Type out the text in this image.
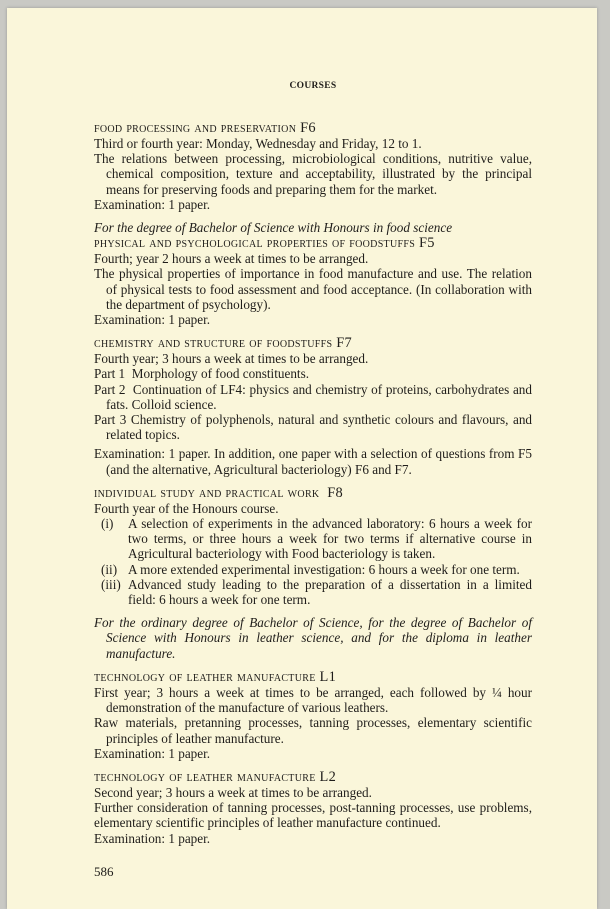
COURSES
food processing and preservation F6
Third or fourth year: Monday, Wednesday and Friday, 12 to 1.
The relations between processing, microbiological conditions, nutritive value, chemical composition, texture and acceptability, illustrated by the principal means for preserving foods and preparing them for the market.
Examination: 1 paper.
For the degree of Bachelor of Science with Honours in food science
physical and psychological properties of foodstuffs F5
Fourth; year 2 hours a week at times to be arranged.
The physical properties of importance in food manufacture and use. The relation of physical tests to food assessment and food acceptance. (In collaboration with the department of psychology).
Examination: 1 paper.
chemistry and structure of foodstuffs F7
Fourth year; 3 hours a week at times to be arranged.
Part 1 Morphology of food constituents.
Part 2 Continuation of LF4: physics and chemistry of proteins, carbohydrates and fats. Colloid science.
Part 3 Chemistry of polyphenols, natural and synthetic colours and flavours, and related topics.
Examination: 1 paper. In addition, one paper with a selection of questions from F5 (and the alternative, Agricultural bacteriology) F6 and F7.
individual study and practical work F8
Fourth year of the Honours course.
(i) A selection of experiments in the advanced laboratory: 6 hours a week for two terms, or three hours a week for two terms if alternative course in Agricultural bacteriology with Food bacteriology is taken.
(ii) A more extended experimental investigation: 6 hours a week for one term.
(iii) Advanced study leading to the preparation of a dissertation in a limited field: 6 hours a week for one term.
For the ordinary degree of Bachelor of Science, for the degree of Bachelor of Science with Honours in leather science, and for the diploma in leather manufacture.
technology of leather manufacture L1
First year; 3 hours a week at times to be arranged, each followed by ¼ hour demonstration of the manufacture of various leathers.
Raw materials, pretanning processes, tanning processes, elementary scientific principles of leather manufacture.
Examination: 1 paper.
technology of leather manufacture L2
Second year; 3 hours a week at times to be arranged.
Further consideration of tanning processes, post-tanning processes, use problems, elementary scientific principles of leather manufacture continued.
Examination: 1 paper.
586
